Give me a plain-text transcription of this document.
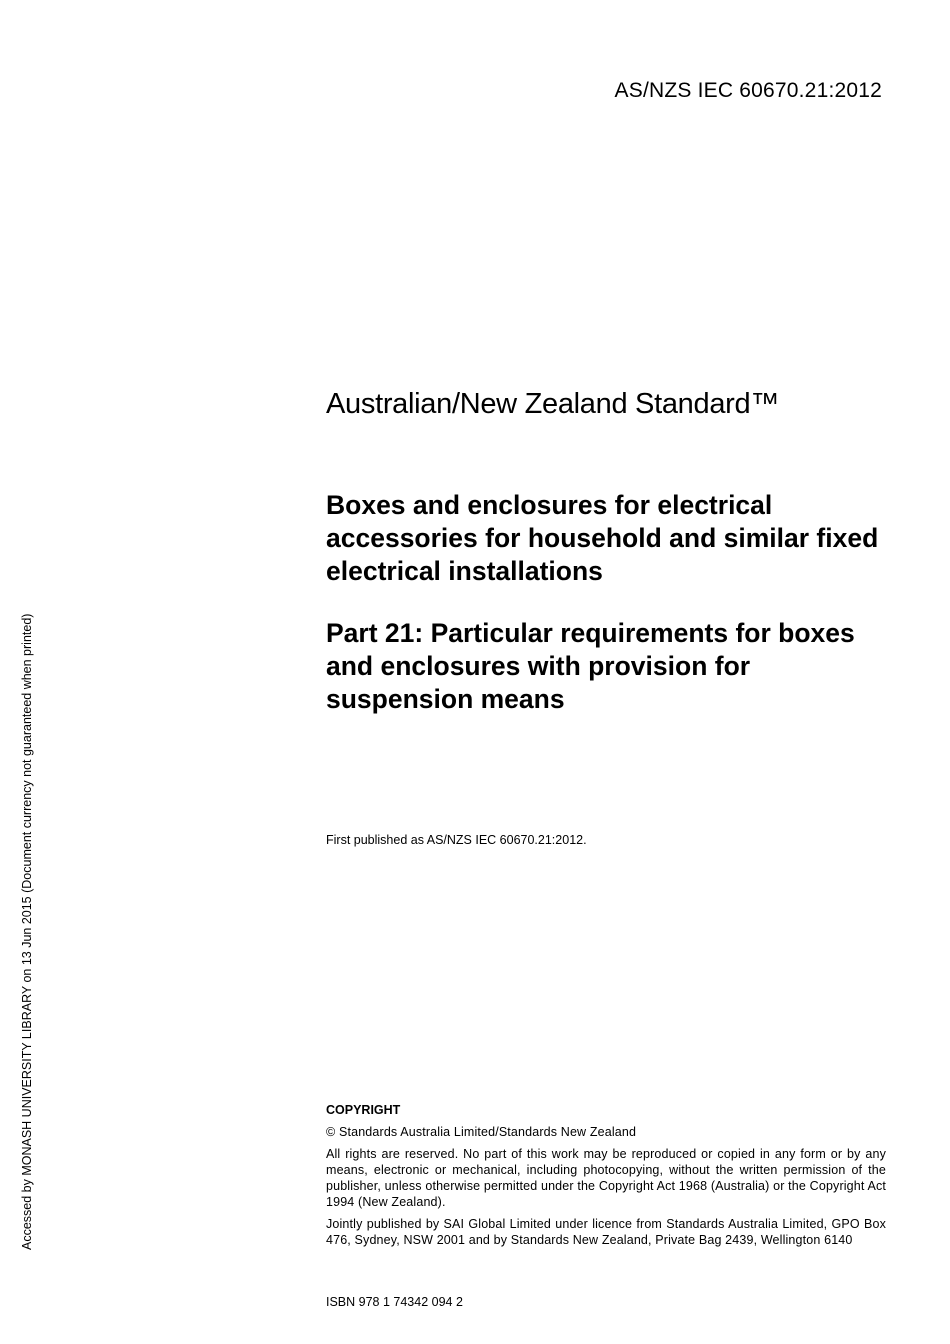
AS/NZS IEC 60670.21:2012
Accessed by MONASH UNIVERSITY LIBRARY on 13 Jun 2015 (Document currency not guaranteed when printed)
Australian/New Zealand Standard™
Boxes and enclosures for electrical accessories for household and similar fixed electrical installations
Part 21: Particular requirements for boxes and enclosures with provision for suspension means
First published as AS/NZS IEC 60670.21:2012.
COPYRIGHT

© Standards Australia Limited/Standards New Zealand

All rights are reserved. No part of this work may be reproduced or copied in any form or by any means, electronic or mechanical, including photocopying, without the written permission of the publisher, unless otherwise permitted under the Copyright Act 1968 (Australia) or the Copyright Act 1994 (New Zealand).

Jointly published by SAI Global Limited under licence from Standards Australia Limited, GPO Box 476, Sydney, NSW 2001 and by Standards New Zealand, Private Bag 2439, Wellington 6140

ISBN 978 1 74342 094 2
